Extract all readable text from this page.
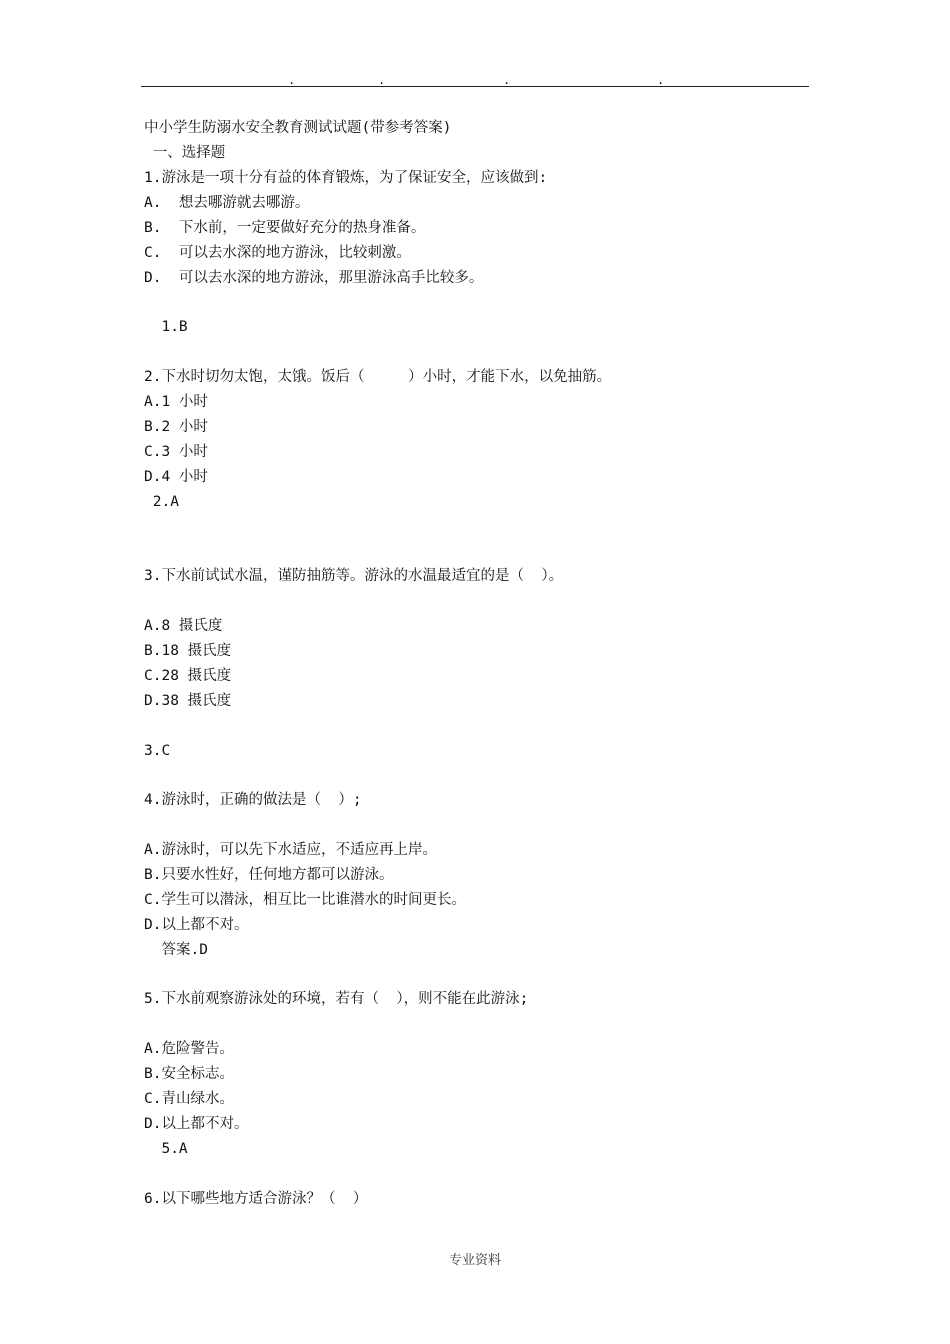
.	.	.	.
中小学生防溺水安全教育测试试题(带参考答案)
一、选择题
1.游泳是一项十分有益的体育锻炼，为了保证安全，应该做到:
A.  想去哪游就去哪游。
B.  下水前，一定要做好充分的热身准备。
C.  可以去水深的地方游泳，比较刺激。
D.  可以去水深的地方游泳，那里游泳高手比较多。
1.B
2.下水时切勿太饱，太饿。饭后（     ）小时，才能下水，以免抽筋。
A.1 小时
B.2 小时
C.3 小时
D.4 小时
2.A
3.下水前试试水温，谨防抽筋等。游泳的水温最适宜的是（  ）。
A.8 摄氏度
B.18 摄氏度
C.28 摄氏度
D.38 摄氏度
3.C
4.游泳时，正确的做法是（  ）;
A.游泳时，可以先下水适应，不适应再上岸。
B.只要水性好，任何地方都可以游泳。
C.学生可以潜泳，相互比一比谁潜水的时间更长。
D.以上都不对。
答案.D
5.下水前观察游泳处的环境，若有（  ），则不能在此游泳;
A.危险警告。
B.安全标志。
C.青山绿水。
D.以上都不对。
5.A
6.以下哪些地方适合游泳？（  ）
专业资料
